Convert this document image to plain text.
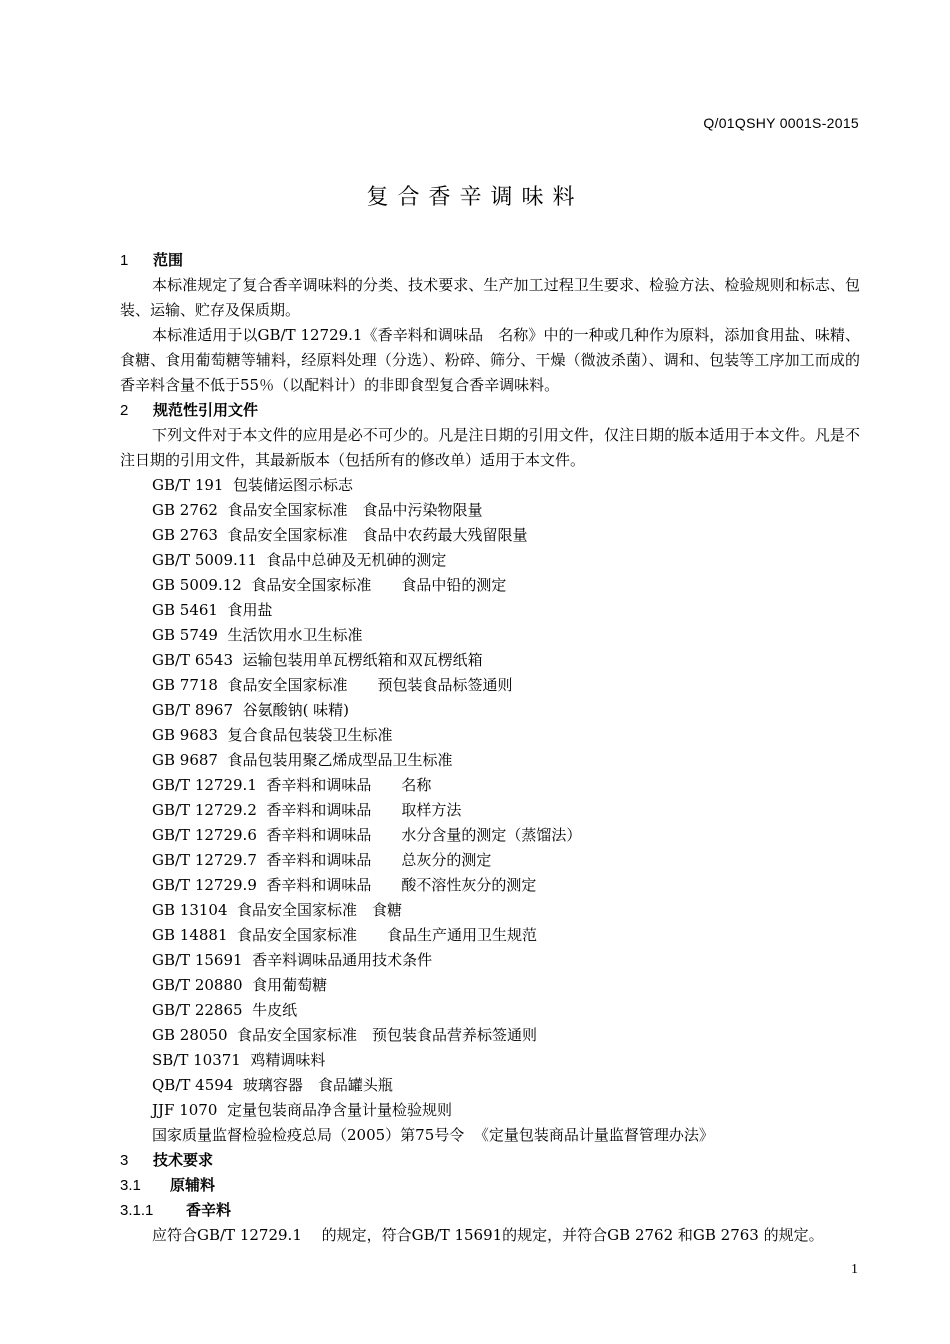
Q/01QSHY 0001S-2015
复合香辛调味料
1 范围
本标准规定了复合香辛调味料的分类、技术要求、生产加工过程卫生要求、检验方法、检验规则和标志、包装、运输、贮存及保质期。
本标准适用于以GB/T 12729.1《香辛料和调味品　名称》中的一种或几种作为原料，添加食用盐、味精、食糖、食用葡萄糖等辅料，经原料处理（分选）、粉碎、筛分、干燥（微波杀菌）、调和、包装等工序加工而成的香辛料含量不低于55％（以配料计）的非即食型复合香辛调味料。
2 规范性引用文件
下列文件对于本文件的应用是必不可少的。凡是注日期的引用文件，仅注日期的版本适用于本文件。凡是不注日期的引用文件，其最新版本（包括所有的修改单）适用于本文件。
GB/T 191 包装储运图示标志
GB 2762 食品安全国家标准　食品中污染物限量
GB 2763 食品安全国家标准　食品中农药最大残留限量
GB/T 5009.11 食品中总砷及无机砷的测定
GB 5009.12 食品安全国家标准　　食品中铅的测定
GB 5461 食用盐
GB 5749 生活饮用水卫生标准
GB/T 6543 运输包装用单瓦楞纸箱和双瓦楞纸箱
GB 7718 食品安全国家标准　　预包装食品标签通则
GB/T 8967 谷氨酸钠( 味精)
GB 9683 复合食品包装袋卫生标准
GB 9687 食品包装用聚乙烯成型品卫生标准
GB/T 12729.1 香辛料和调味品　　名称
GB/T 12729.2 香辛料和调味品　　取样方法
GB/T 12729.6 香辛料和调味品　　水分含量的测定（蒸馏法）
GB/T 12729.7 香辛料和调味品　　总灰分的测定
GB/T 12729.9 香辛料和调味品　　酸不溶性灰分的测定
GB 13104 食品安全国家标准　食糖
GB 14881 食品安全国家标准　　食品生产通用卫生规范
GB/T 15691 香辛料调味品通用技术条件
GB/T 20880 食用葡萄糖
GB/T 22865 牛皮纸
GB 28050 食品安全国家标准　预包装食品营养标签通则
SB/T 10371 鸡精调味料
QB/T 4594 玻璃容器　食品罐头瓶
JJF 1070 定量包装商品净含量计量检验规则
国家质量监督检验检疫总局（2005）第75号令 《定量包装商品计量监督管理办法》
3 技术要求
3.1 原辅料
3.1.1 香辛料
应符合GB/T 12729.1　 的规定，符合GB/T 15691的规定，并符合GB 2762 和GB 2763 的规定。
1
